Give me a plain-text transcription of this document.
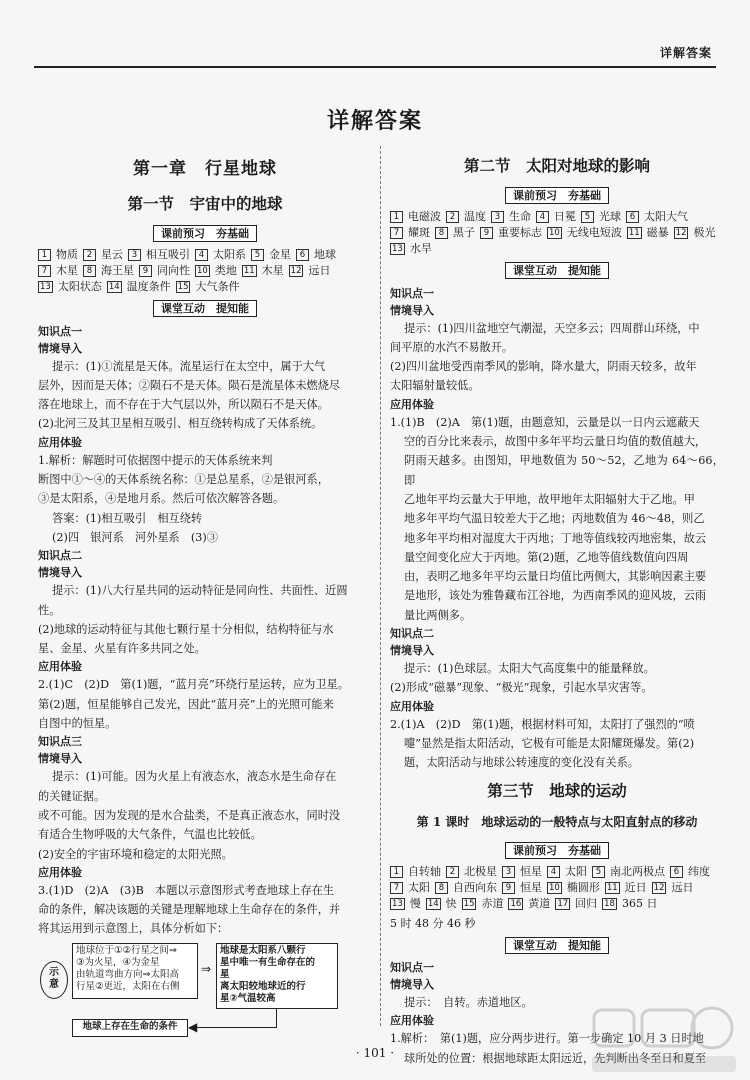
详解答案
详解答案
第一章　行星地球
第一节　宇宙中的地球
课前预习　夯基础
1 物质 2 星云 3 相互吸引 4 太阳系 5 金星 6 地球7 木星 8 海王星 9 同向性 10 类地 11 木星 12 远日13 太阳状态 14 温度条件 15 大气条件
课堂互动　提知能
知识点一
情境导入

提示：(1)①流星是天体。流星运行在太空中，属于大气

层外，因而是天体；②陨石不是天体。陨石是流星体未燃烧尽

落在地球上，而不存在于大气层以外，所以陨石不是天体。

(2)北河三及其卫星相互吸引、相互绕转构成了天体系统。

应用体验

1.解析：解题时可依据图中提示的天体系统来判

断图中①～④的天体系统名称：①是总星系，②是银河系，

③是太阳系，④是地月系。然后可依次解答各题。

答案：(1)相互吸引　相互绕转

(2)四　银河系　河外星系　(3)③

知识点二
情境导入

提示：(1)八大行星共同的运动特征是同向性、共面性、近圆

性。

(2)地球的运动特征与其他七颗行星十分相似，结构特征与水

星、金星、火星有许多共同之处。

应用体验

2.(1)C　(2)D　第(1)题，“蓝月亮”环绕行星运转，应为卫星。

第(2)题，恒星能够自己发光，因此“蓝月亮”上的光照可能来

自图中的恒星。

知识点三
情境导入

提示：(1)可能。因为火星上有液态水，液态水是生命存在

的关键证据。

或不可能。因为发现的是水合盐类，不是真正液态水，同时没

有适合生物呼吸的大气条件，气温也比较低。

(2)安全的宇宙环境和稳定的太阳光照。

应用体验

3.(1)D　(2)A　(3)B　本题以示意图形式考查地球上存在生

命的条件，解决该题的关键是理解地球上生命存在的条件，并

将其运用到示意图上，具体分析如下：

示
意
地球位于①②行星之间⇒
③为火星，④为金星
由轨道弯曲方向⇒太阳高
行星②更近，太阳在右侧
⇒
地球是太阳系八颗行
星中唯一有生命存在的
星
离太阳较地球近的行
星②气温较高
◀
地球上存在生命的条件
第二节　太阳对地球的影响
课前预习　夯基础
1 电磁波 2 温度 3 生命 4 日冕 5 光球 6 太阳大气7 耀斑 8 黑子 9 重要标志 10 无线电短波 11 磁暴 12 极光13 水旱
课堂互动　提知能
知识点一
情境导入

提示：(1)四川盆地空气潮湿，天空多云；四周群山环绕，中

间平原的水汽不易散开。

(2)四川盆地受西南季风的影响，降水量大，阴雨天较多，故年

太阳辐射量较低。

应用体验

1.(1)B　(2)A　第(1)题，由题意知，云量是以一日内云遮蔽天

空的百分比来表示，故图中多年平均云量日均值的数值越大，

阴雨天越多。由图知，甲地数值为 50～52，乙地为 64～66，即

乙地年平均云量大于甲地，故甲地年太阳辐射大于乙地。甲

地多年平均气温日较差大于乙地；丙地数值为 46～48，则乙

地多年平均相对湿度大于丙地；丁地等值线较丙地密集，故云

量空间变化应大于丙地。第(2)题，乙地等值线数值向四周

由，表明乙地多年平均云量日均值比两侧大，其影响因素主要

是地形，该处为雅鲁藏布江谷地，为西南季风的迎风坡，云雨

量比两侧多。

知识点二
情境导入

提示：(1)色球层。太阳大气高度集中的能量释放。

(2)形成“磁暴”现象、“极光”现象，引起水旱灾害等。

应用体验

2.(1)A　(2)D　第(1)题，根据材料可知，太阳打了强烈的“喷

嚏”显然是指太阳活动，它极有可能是太阳耀斑爆发。第(2)

题，太阳活动与地球公转速度的变化没有关系。

第三节　地球的运动
第 1 课时　地球运动的一般特点与太阳直射点的移动
课前预习　夯基础
1 自转轴 2 北极星 3 恒星 4 太阳 5 南北两极点 6 纬度7 太阳 8 自西向东 9 恒星 10 椭圆形 11 近日 12 远日13 慢 14 快 15 赤道 16 黄道 17 回归 18 365 日
5 时 48 分 46 秒
课堂互动　提知能
知识点一
情境导入

提示：　自转。赤道地区。

应用体验

1.解析：　第(1)题，应分两步进行。第一步确定 10 月 3 日时地

球所处的位置：根据地球距太阳远近，先判断出冬至日和夏至

· 101 ·
